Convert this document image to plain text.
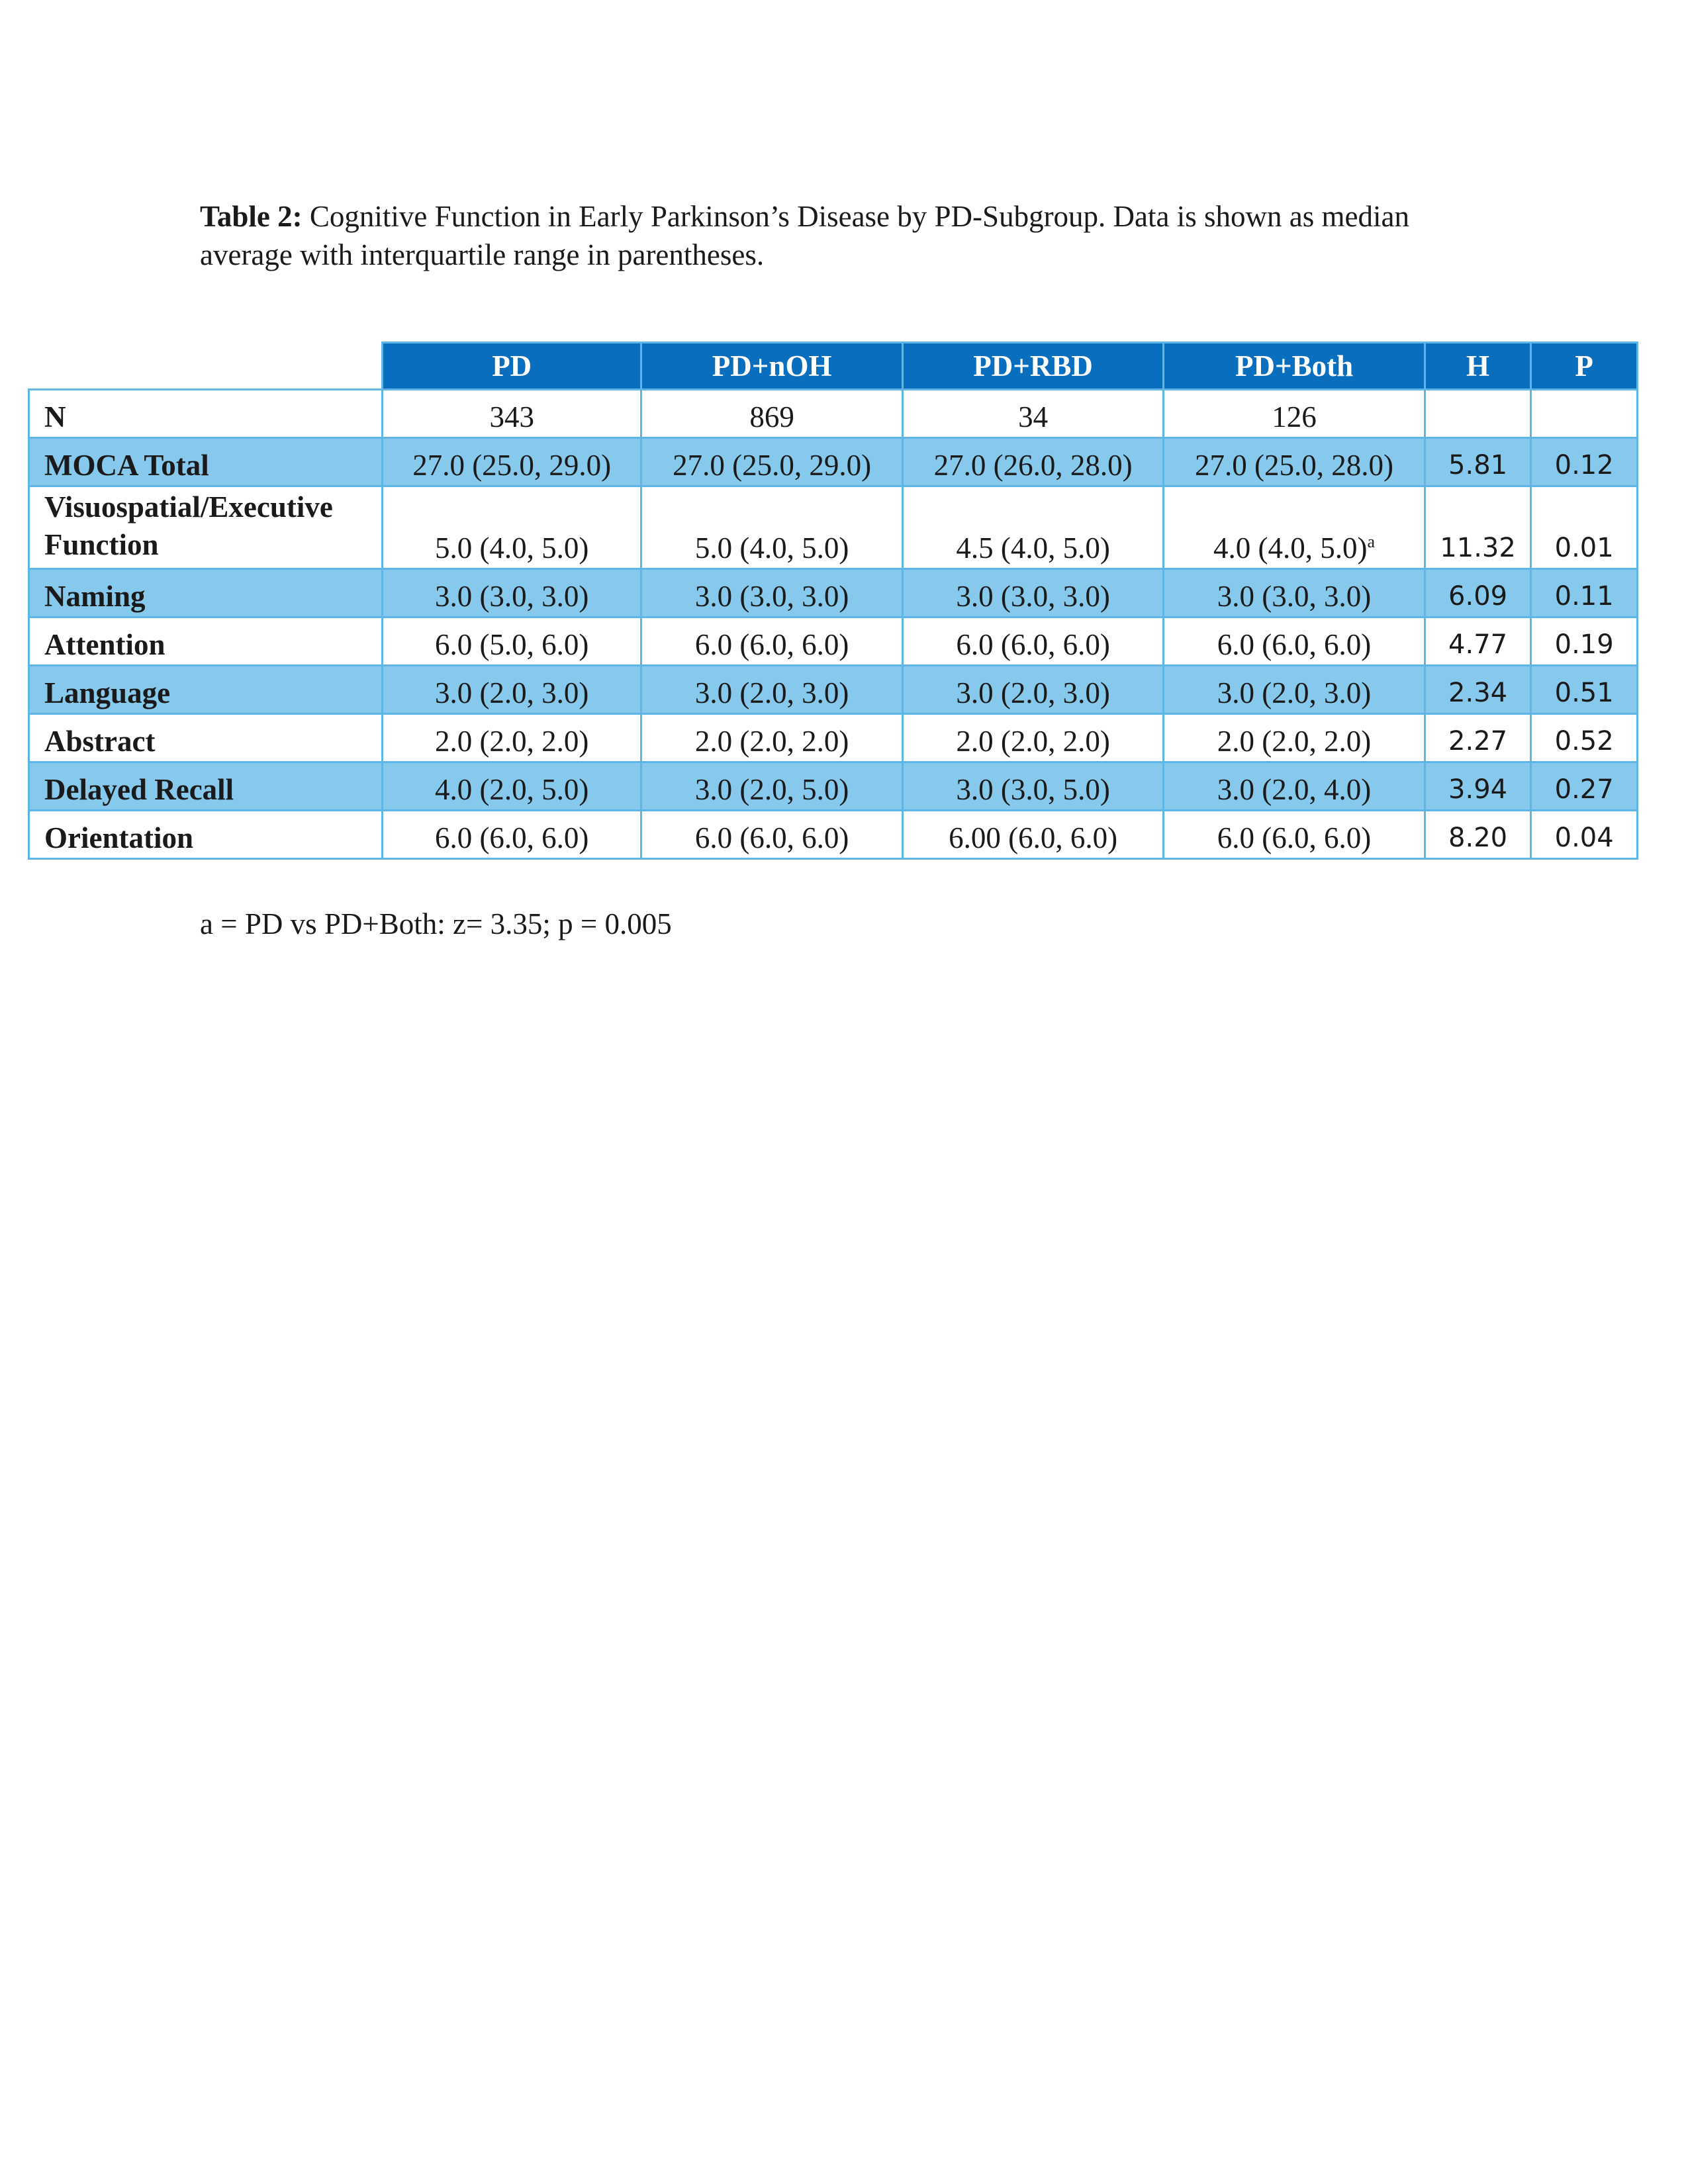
Table 2: Cognitive Function in Early Parkinson’s Disease by PD-Subgroup. Data is shown as median average with interquartile range in parentheses.
	PD	PD+nOH	PD+RBD	PD+Both	H	P
N	343	869	34	126		
MOCA Total	27.0 (25.0, 29.0)	27.0 (25.0, 29.0)	27.0 (26.0, 28.0)	27.0 (25.0, 28.0)	5.81	0.12
Visuospatial/Executive Function	5.0 (4.0, 5.0)	5.0 (4.0, 5.0)	4.5 (4.0, 5.0)	4.0 (4.0, 5.0)$^a$	11.32	0.01
Naming	3.0 (3.0, 3.0)	3.0 (3.0, 3.0)	3.0 (3.0, 3.0)	3.0 (3.0, 3.0)	6.09	0.11
Attention	6.0 (5.0, 6.0)	6.0 (6.0, 6.0)	6.0 (6.0, 6.0)	6.0 (6.0, 6.0)	4.77	0.19
Language	3.0 (2.0, 3.0)	3.0 (2.0, 3.0)	3.0 (2.0, 3.0)	3.0 (2.0, 3.0)	2.34	0.51
Abstract	2.0 (2.0, 2.0)	2.0 (2.0, 2.0)	2.0 (2.0, 2.0)	2.0 (2.0, 2.0)	2.27	0.52
Delayed Recall	4.0 (2.0, 5.0)	3.0 (2.0, 5.0)	3.0 (3.0, 5.0)	3.0 (2.0, 4.0)	3.94	0.27
Orientation	6.0 (6.0, 6.0)	6.0 (6.0, 6.0)	6.00 (6.0, 6.0)	6.0 (6.0, 6.0)	8.20	0.04
a = PD vs PD+Both: z= 3.35; p = 0.005
